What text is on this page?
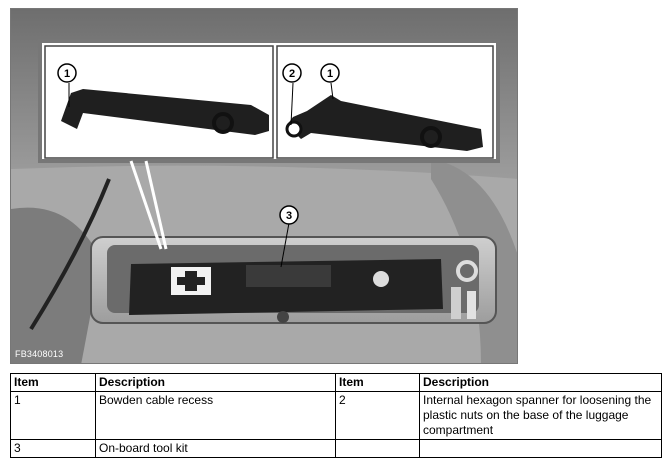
1	2	1
3
FB3408013
Item	Description	Item	Description
1	Bowden cable recess	2	Internal hexagon spanner for loosening the plastic nuts on the base of the luggage compartment
3	On-board tool kit		
